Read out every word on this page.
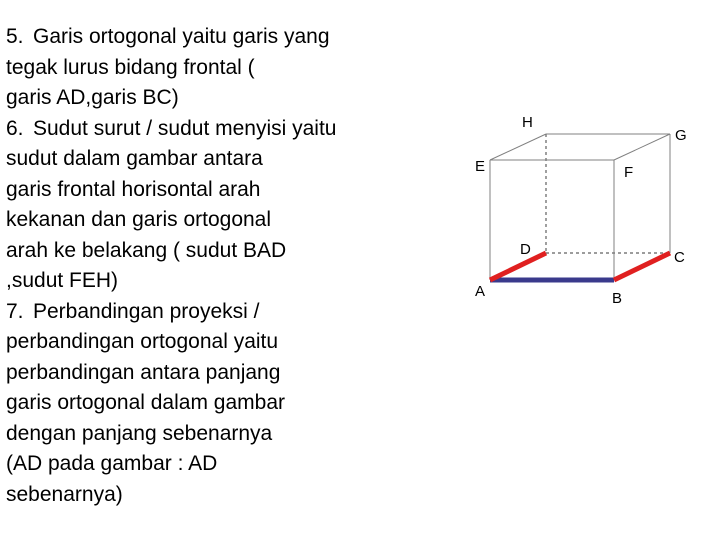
5. Garis ortogonal yaitu garis yang
tegak lurus bidang frontal (
garis AD,garis BC)

6. Sudut surut / sudut menyisi yaitu
sudut dalam gambar antara
garis frontal horisontal arah
kekanan dan garis ortogonal
arah ke belakang ( sudut BAD
,sudut FEH)

7. Perbandingan proyeksi /
perbandingan ortogonal yaitu
perbandingan antara panjang
garis ortogonal dalam gambar
dengan panjang sebenarnya
(AD pada gambar : AD
sebenarnya)

H
G
E	F
D	C
A	B
